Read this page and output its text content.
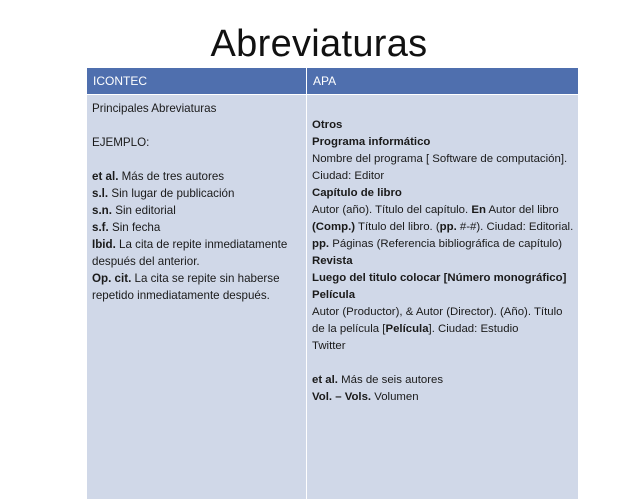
Abreviaturas
ICONTEC	APA
Principales Abreviaturas
EJEMPLO:
et al. Más de tres autores
s.l. Sin lugar de publicación
s.n. Sin editorial
s.f. Sin fecha
Ibid. La cita de repite inmediatamente después del anterior.
Op. cit. La cita se repite sin haberse repetido inmediatamente después.
Otros
Programa informático
Nombre del programa [ Software de computación]. Ciudad: Editor
Capítulo de libro
Autor (año). Título del capítulo. En Autor del libro (Comp.) Título del libro. (pp. #-#). Ciudad: Editorial.
pp. Páginas (Referencia bibliográfica de capítulo)
Revista
Luego del titulo colocar [Número monográfico]
Película
Autor (Productor), & Autor (Director). (Año). Título de la película [Película]. Ciudad: Estudio
Twitter
et al. Más de seis autores
Vol. – Vols. Volumen
